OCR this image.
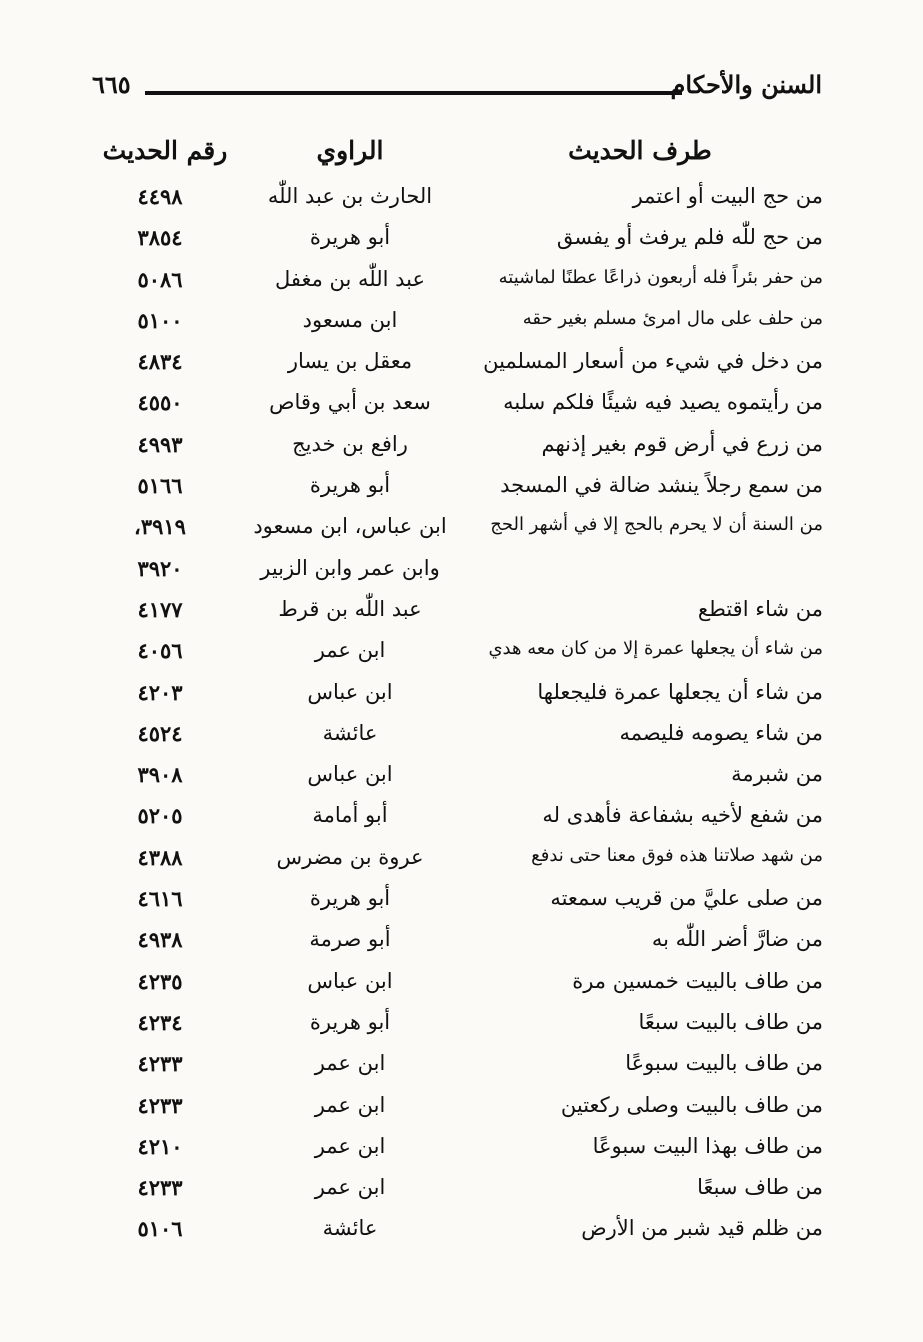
السنن والأحكام
٦٦٥
طرف الحديث
الراوي
رقم الحديث
من حج البيت أو اعتمر
الحارث بن عبد اللّٰه
٤٤٩٨
من حج للّٰه فلم يرفث أو يفسق
أبو هريرة
٣٨٥٤
من حفر بئراً فله أربعون ذراعًا عطنًا لماشيته
عبد اللّٰه بن مغفل
٥٠٨٦
من حلف على مال امرئ مسلم بغير حقه
ابن مسعود
٥١٠٠
من دخل في شيء من أسعار المسلمين
معقل بن يسار
٤٨٣٤
من رأيتموه يصيد فيه شيئًا فلكم سلبه
سعد بن أبي وقاص
٤٥٥٠
من زرع في أرض قوم بغير إذنهم
رافع بن خديج
٤٩٩٣
من سمع رجلاً ينشد ضالة في المسجد
أبو هريرة
٥١٦٦
من السنة أن لا يحرم بالحج إلا في أشهر الحج
ابن عباس، ابن مسعود
٣٩١٩،
وابن عمر وابن الزبير
٣٩٢٠
من شاء اقتطع
عبد اللّٰه بن قرط
٤١٧٧
من شاء أن يجعلها عمرة إلا من كان معه هدي
ابن عمر
٤٠٥٦
من شاء أن يجعلها عمرة فليجعلها
ابن عباس
٤٢٠٣
من شاء يصومه فليصمه
عائشة
٤٥٢٤
من شبرمة
ابن عباس
٣٩٠٨
من شفع لأخيه بشفاعة فأهدى له
أبو أمامة
٥٢٠٥
من شهد صلاتنا هذه فوق معنا حتى ندفع
عروة بن مضرس
٤٣٨٨
من صلى عليَّ من قريب سمعته
أبو هريرة
٤٦١٦
من ضارَّ أضر اللّٰه به
أبو صرمة
٤٩٣٨
من طاف بالبيت خمسين مرة
ابن عباس
٤٢٣٥
من طاف بالبيت سبعًا
أبو هريرة
٤٢٣٤
من طاف بالبيت سبوعًا
ابن عمر
٤٢٣٣
من طاف بالبيت وصلى ركعتين
ابن عمر
٤٢٣٣
من طاف بهذا البيت سبوعًا
ابن عمر
٤٢١٠
من طاف سبعًا
ابن عمر
٤٢٣٣
من ظلم قيد شبر من الأرض
عائشة
٥١٠٦
